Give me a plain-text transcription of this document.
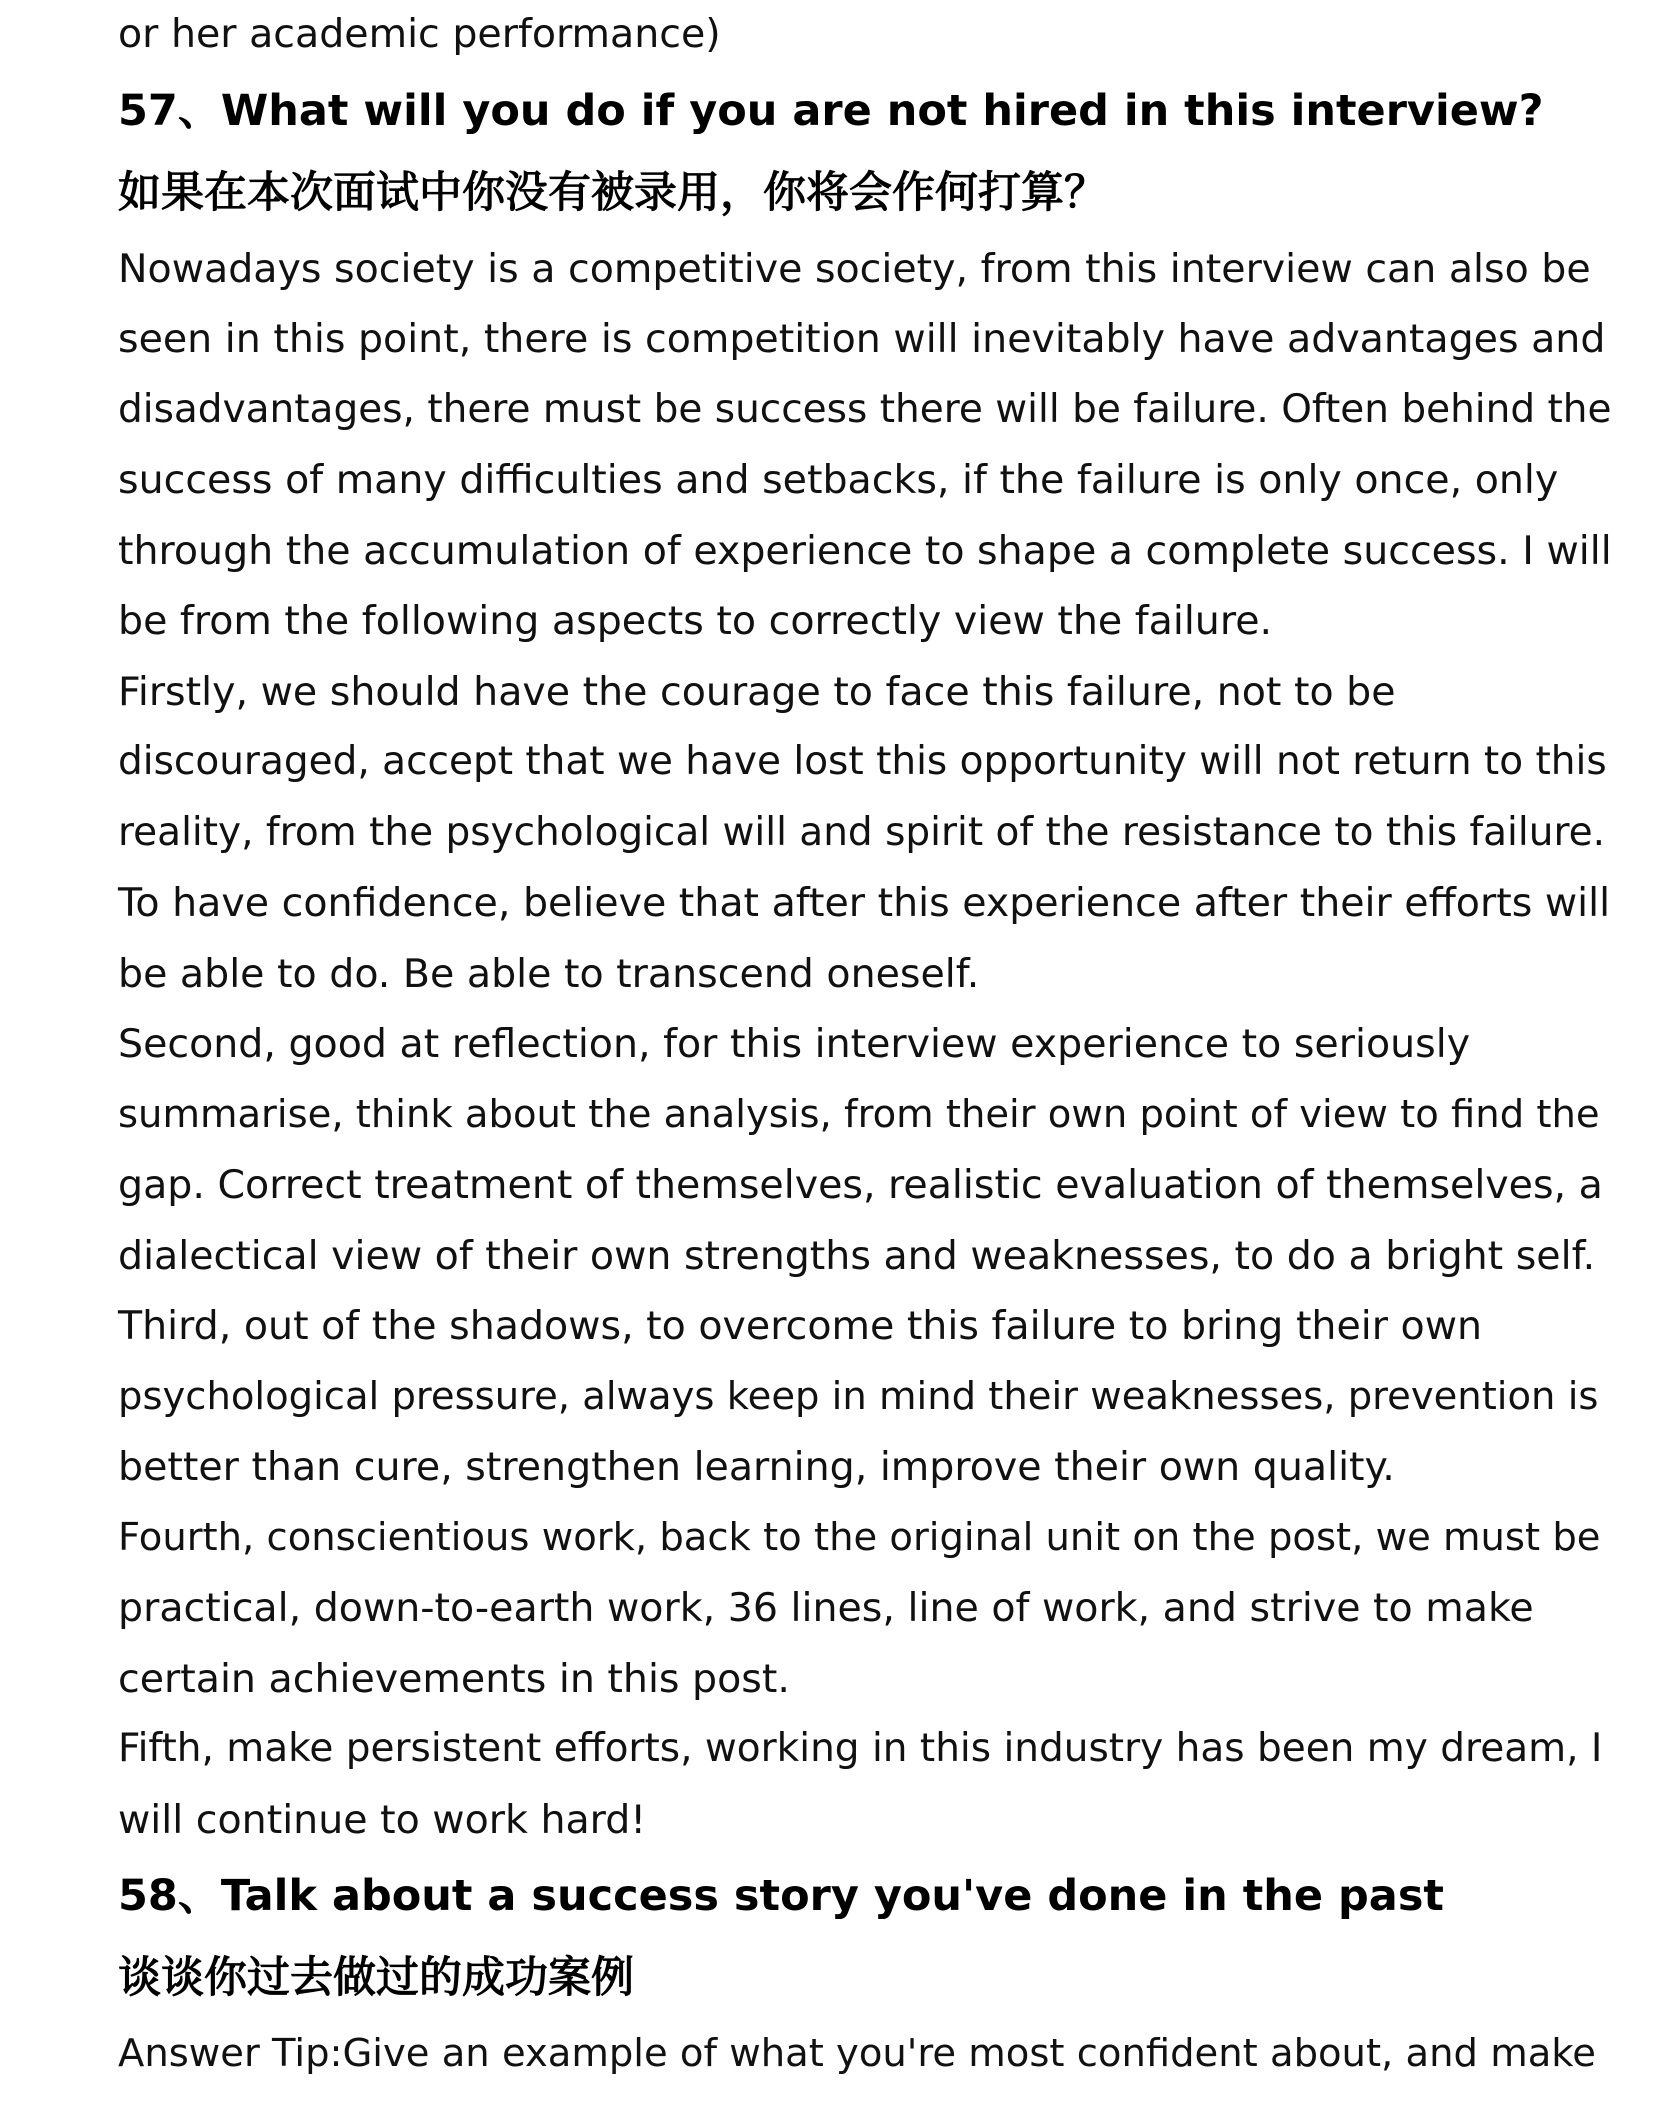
or her academic performance)

57、What will you do if you are not hired in this interview?
如果在本次面试中你没有被录用，你将会作何打算？

Nowadays society is a competitive society, from this interview can also be

seen in this point, there is competition will inevitably have advantages and

disadvantages, there must be success there will be failure. Often behind the

success of many difficulties and setbacks, if the failure is only once, only

through the accumulation of experience to shape a complete success. I will

be from the following aspects to correctly view the failure.

Firstly, we should have the courage to face this failure, not to be

discouraged, accept that we have lost this opportunity will not return to this

reality, from the psychological will and spirit of the resistance to this failure.

To have confidence, believe that after this experience after their efforts will

be able to do. Be able to transcend oneself.

Second, good at reflection, for this interview experience to seriously

summarise, think about the analysis, from their own point of view to find the

gap. Correct treatment of themselves, realistic evaluation of themselves, a

dialectical view of their own strengths and weaknesses, to do a bright self.

Third, out of the shadows, to overcome this failure to bring their own

psychological pressure, always keep in mind their weaknesses, prevention is

better than cure, strengthen learning, improve their own quality.

Fourth, conscientious work, back to the original unit on the post, we must be

practical, down-to-earth work, 36 lines, line of work, and strive to make

certain achievements in this post.

Fifth, make persistent efforts, working in this industry has been my dream, I

will continue to work hard!

58、Talk about a success story you've done in the past
谈谈你过去做过的成功案例

Answer Tip:Give an example of what you're most confident about, and make
